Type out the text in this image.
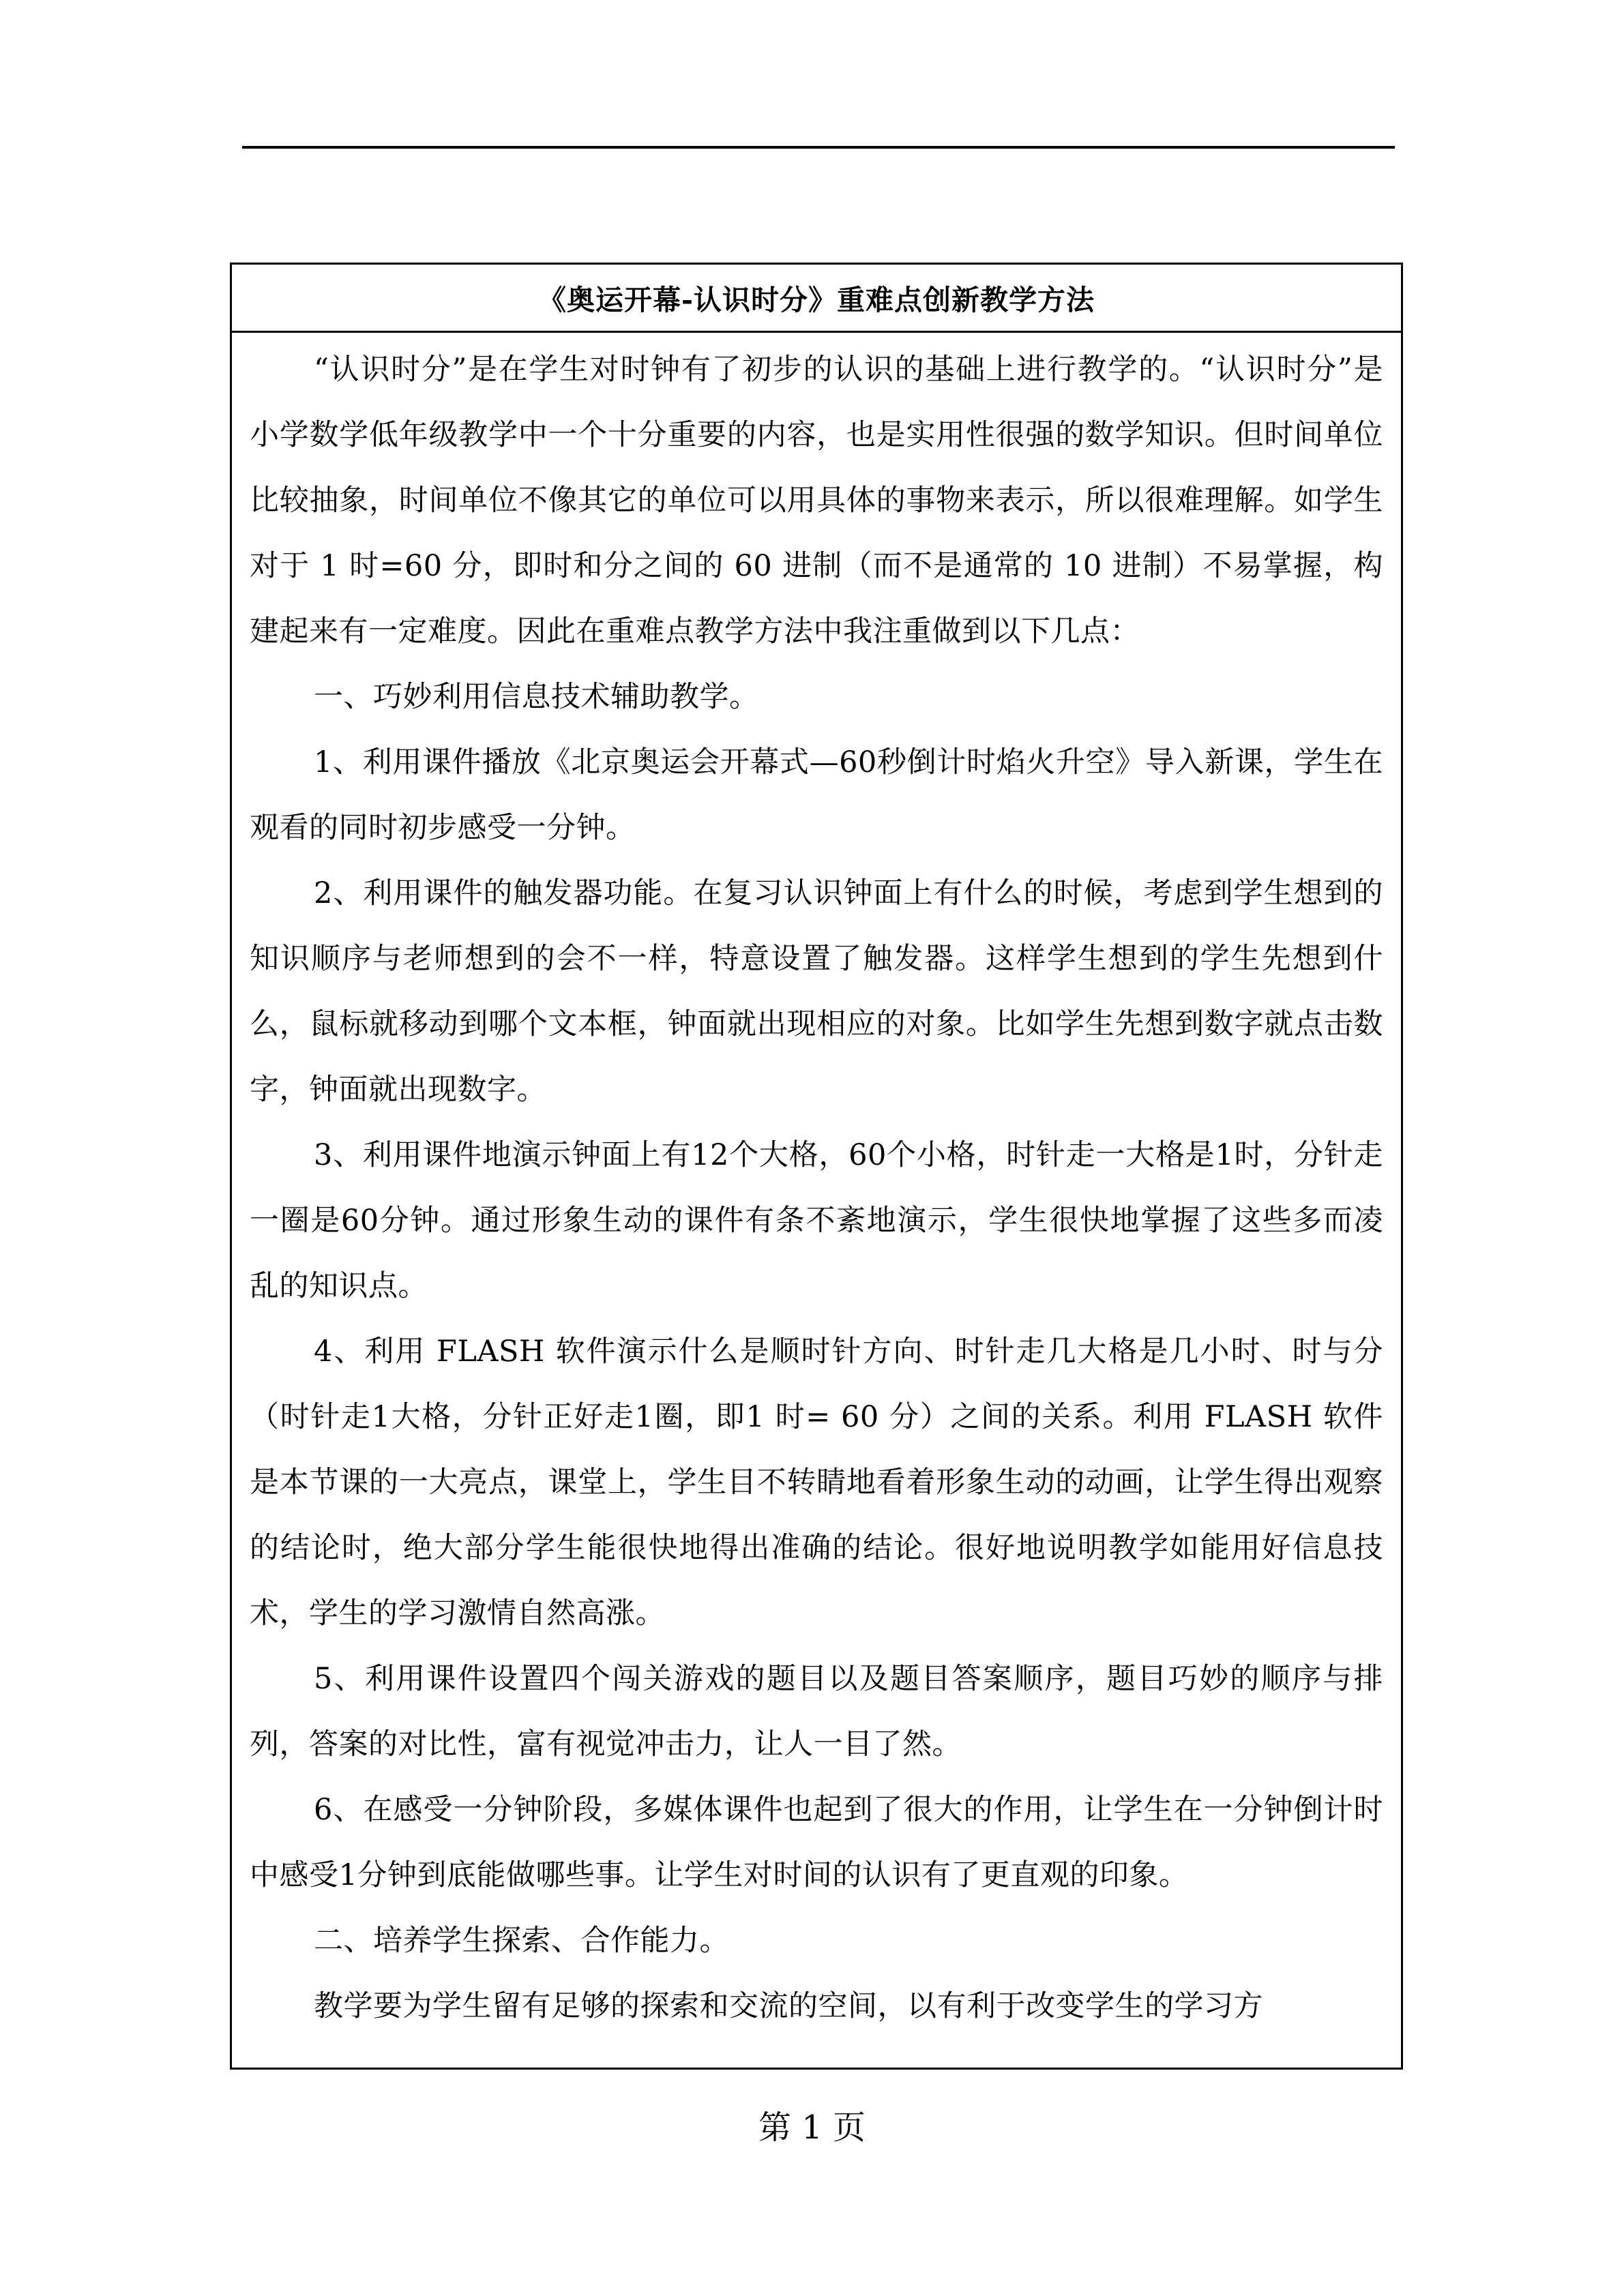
《奥运开幕-认识时分》重难点创新教学方法

“认识时分”是在学生对时钟有了初步的认识的基础上进行教学的。“认识时分”是小学数学低年级教学中一个十分重要的内容，也是实用性很强的数学知识。但时间单位比较抽象，时间单位不像其它的单位可以用具体的事物来表示，所以很难理解。如学生对于 1 时=60 分，即时和分之间的 60 进制（而不是通常的 10 进制）不易掌握，构建起来有一定难度。因此在重难点教学方法中我注重做到以下几点：

一、巧妙利用信息技术辅助教学。

1、利用课件播放《北京奥运会开幕式—60秒倒计时焰火升空》导入新课，学生在观看的同时初步感受一分钟。

2、利用课件的触发器功能。在复习认识钟面上有什么的时候，考虑到学生想到的知识顺序与老师想到的会不一样，特意设置了触发器。这样学生想到的学生先想到什么，鼠标就移动到哪个文本框，钟面就出现相应的对象。比如学生先想到数字就点击数字，钟面就出现数字。

3、利用课件地演示钟面上有12个大格，60个小格，时针走一大格是1时，分针走一圈是60分钟。通过形象生动的课件有条不紊地演示，学生很快地掌握了这些多而凌乱的知识点。

4、利用 FLASH 软件演示什么是顺时针方向、时针走几大格是几小时、时与分（时针走1大格，分针正好走1圈，即1 时= 60 分）之间的关系。利用 FLASH 软件是本节课的一大亮点，课堂上，学生目不转睛地看着形象生动的动画，让学生得出观察的结论时，绝大部分学生能很快地得出准确的结论。很好地说明教学如能用好信息技术，学生的学习激情自然高涨。

5、利用课件设置四个闯关游戏的题目以及题目答案顺序，题目巧妙的顺序与排列，答案的对比性，富有视觉冲击力，让人一目了然。

6、在感受一分钟阶段，多媒体课件也起到了很大的作用，让学生在一分钟倒计时中感受1分钟到底能做哪些事。让学生对时间的认识有了更直观的印象。

二、培养学生探索、合作能力。

教学要为学生留有足够的探索和交流的空间，以有利于改变学生的学习方

第 1 页
